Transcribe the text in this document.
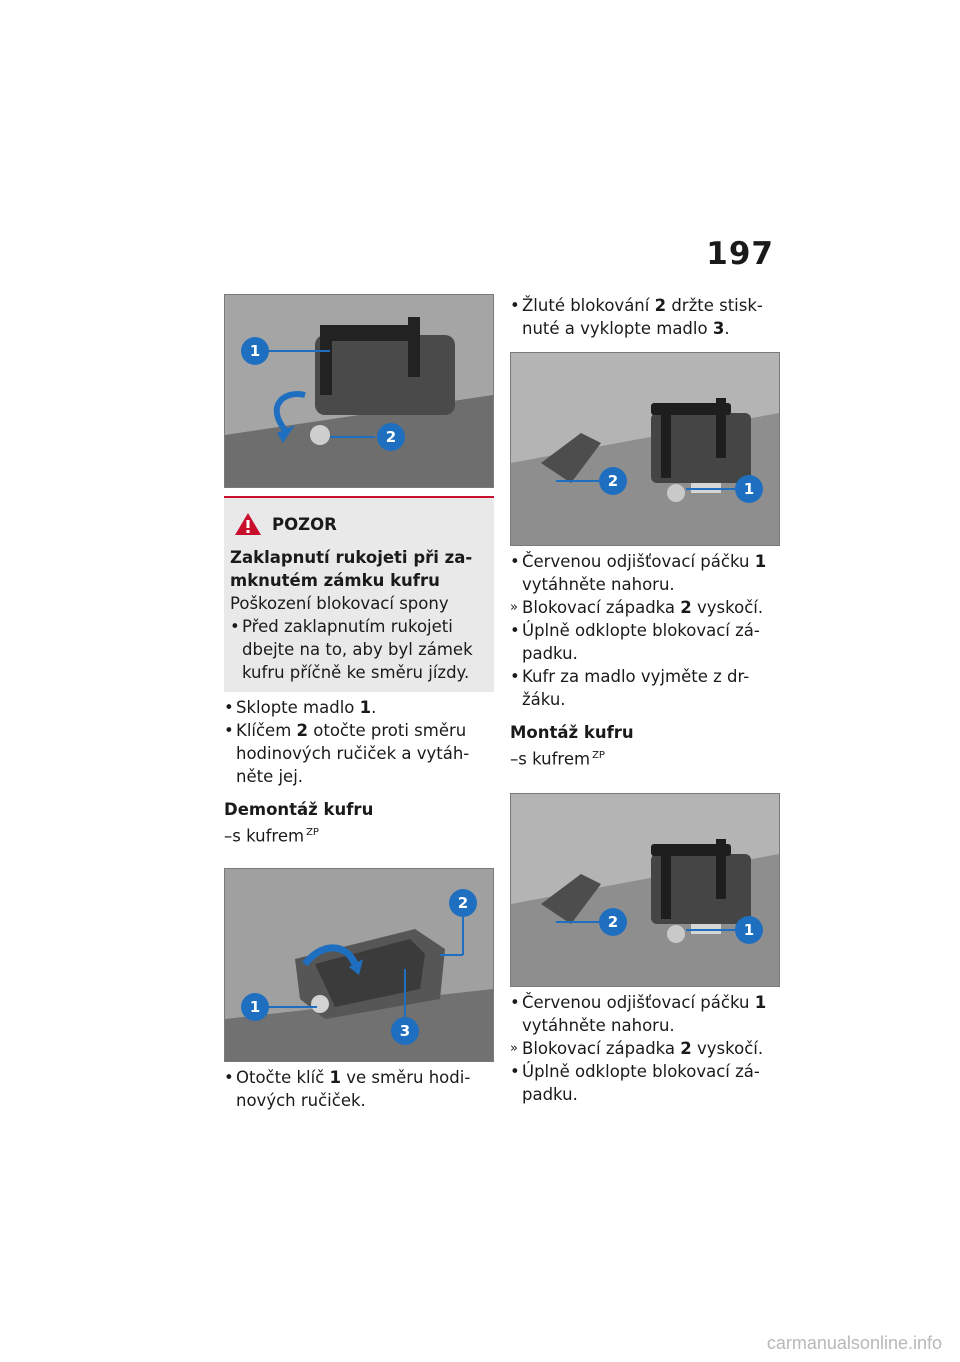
197
1
2
POZOR

Zaklapnutí rukojeti při za-mknutém zámku kufru

Poškození blokovací spony

• Před zaklapnutím rukojeti dbejte na to, aby byl zámek kufru příčně ke směru jízdy.
• Sklopte madlo 1.
• Klíčem 2 otočte proti směru hodinových ručiček a vytáh-něte jej.
Demontáž kufru
–s kufrem $^{ZP}$
1
2
3
• Otočte klíč 1 ve směru hodi-nových ručiček.
• Žluté blokování 2 držte stisk-nuté a vyklopte madlo 3.
2	1
• Červenou odjišťovací páčku 1 vytáhněte nahoru.
» Blokovací západka 2 vyskočí.
• Úplně odklopte blokovací zá-padku.
• Kufr za madlo vyjměte z dr-žáku.
Montáž kufru
–s kufrem $^{ZP}$
2	1
• Červenou odjišťovací páčku 1 vytáhněte nahoru.
» Blokovací západka 2 vyskočí.
• Úplně odklopte blokovací zá-padku.
carmanualsonline.info
